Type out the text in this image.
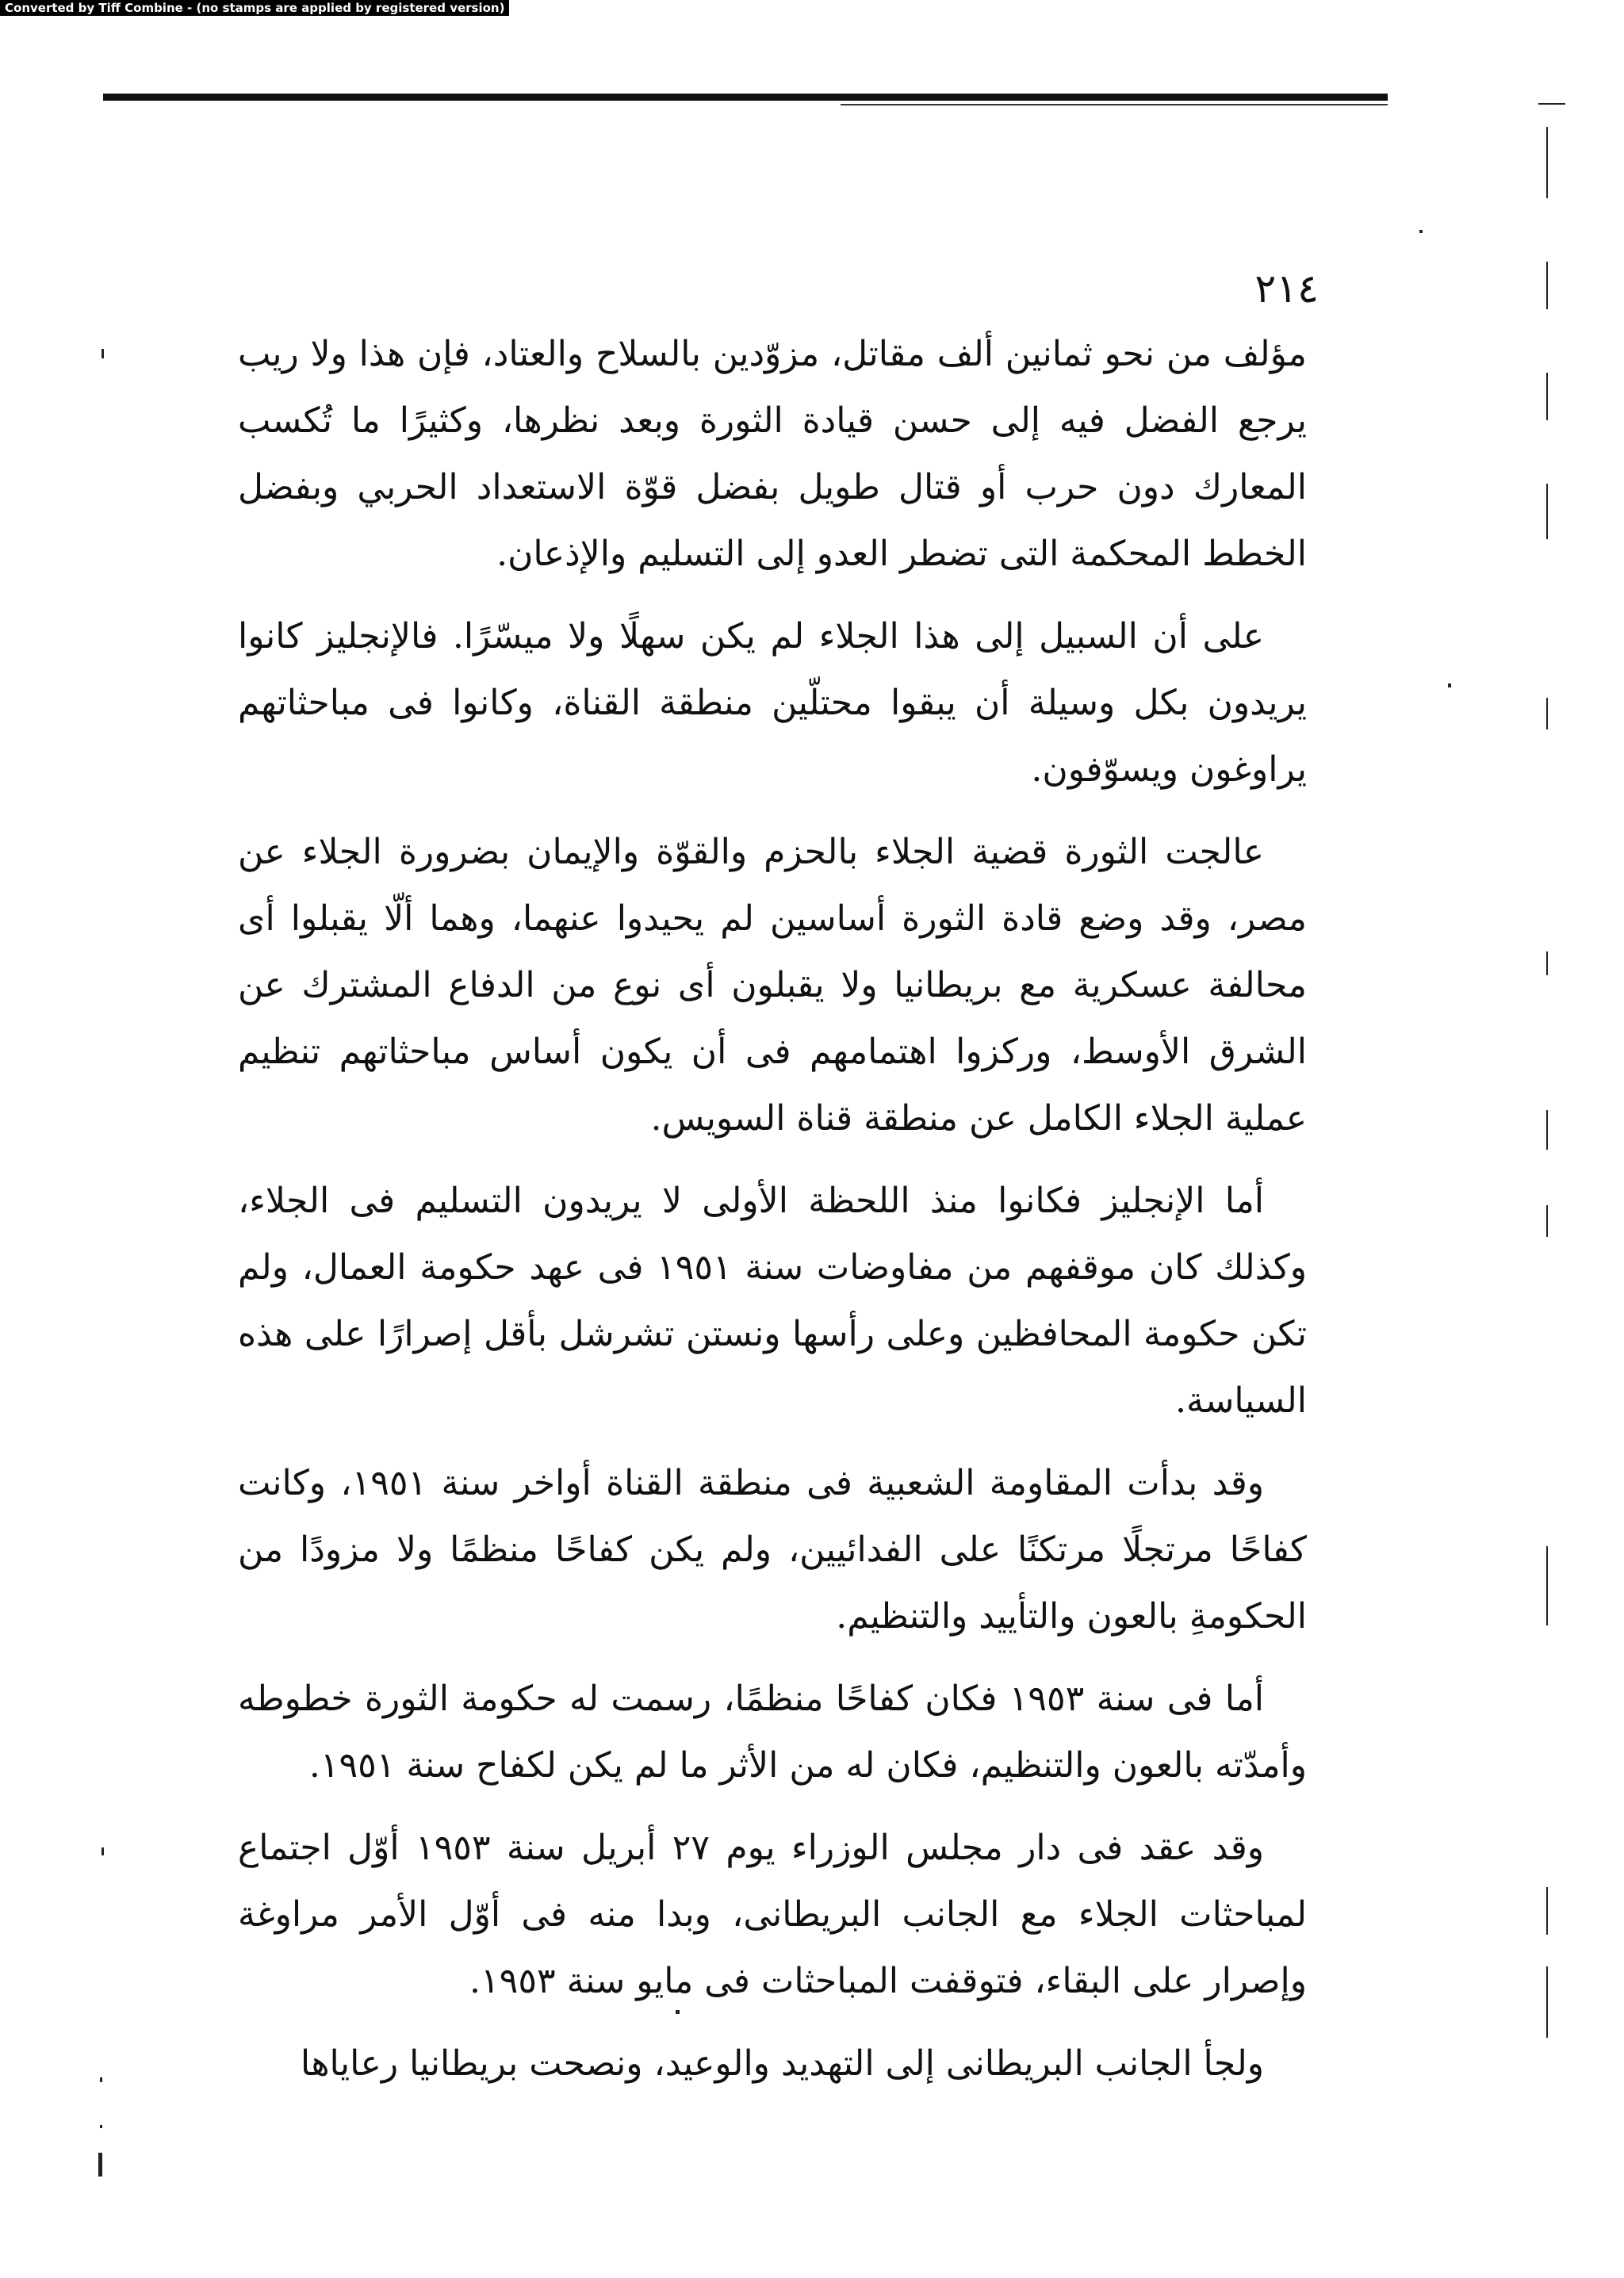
Converted by Tiff Combine - (no stamps are applied by registered version)
٢١٤

مؤلف من نحو ثمانين ألف مقاتل، مزوّدين بالسلاح والعتاد، فإن هذا ولا ريب يرجع الفضل فيه إلى حسن قيادة الثورة وبعد نظرها، وكثيرًا ما تُكسب المعارك دون حرب أو قتال طويل بفضل قوّة الاستعداد الحربي وبفضل الخطط المحكمة التى تضطر العدو إلى التسليم والإذعان.

على أن السبيل إلى هذا الجلاء لم يكن سهلًا ولا ميسّرًا. فالإنجليز كانوا يريدون بكل وسيلة أن يبقوا محتلّين منطقة القناة، وكانوا فى مباحثاتهم يراوغون ويسوّفون.

عالجت الثورة قضية الجلاء بالحزم والقوّة والإيمان بضرورة الجلاء عن مصر، وقد وضع قادة الثورة أساسين لم يحيدوا عنهما، وهما ألّا يقبلوا أى محالفة عسكرية مع بريطانيا ولا يقبلون أى نوع من الدفاع المشترك عن الشرق الأوسط، وركزوا اهتمامهم فى أن يكون أساس مباحثاتهم تنظيم عملية الجلاء الكامل عن منطقة قناة السويس.

أما الإنجليز فكانوا منذ اللحظة الأولى لا يريدون التسليم فى الجلاء، وكذلك كان موقفهم من مفاوضات سنة ١٩٥١ فى عهد حكومة العمال، ولم تكن حكومة المحافظين وعلى رأسها ونستن تشرشل بأقل إصرارًا على هذه السياسة.

وقد بدأت المقاومة الشعبية فى منطقة القناة أواخر سنة ١٩٥١، وكانت كفاحًا مرتجلًا مرتكنًا على الفدائيين، ولم يكن كفاحًا منظمًا ولا مزودًا من الحكومةِ بالعون والتأييد والتنظيم.

أما فى سنة ١٩٥٣ فكان كفاحًا منظمًا، رسمت له حكومة الثورة خطوطه وأمدّته بالعون والتنظيم، فكان له من الأثر ما لم يكن لكفاح سنة ١٩٥١.

وقد عقد فى دار مجلس الوزراء يوم ٢٧ أبريل سنة ١٩٥٣ أوّل اجتماع لمباحثات الجلاء مع الجانب البريطانى، وبدا منه فى أوّل الأمر مراوغة وإصرار على البقاء، فتوقفت المباحثات فى مايو سنة ١٩٥٣.

ولجأ الجانب البريطانى إلى التهديد والوعيد، ونصحت بريطانيا رعاياها
